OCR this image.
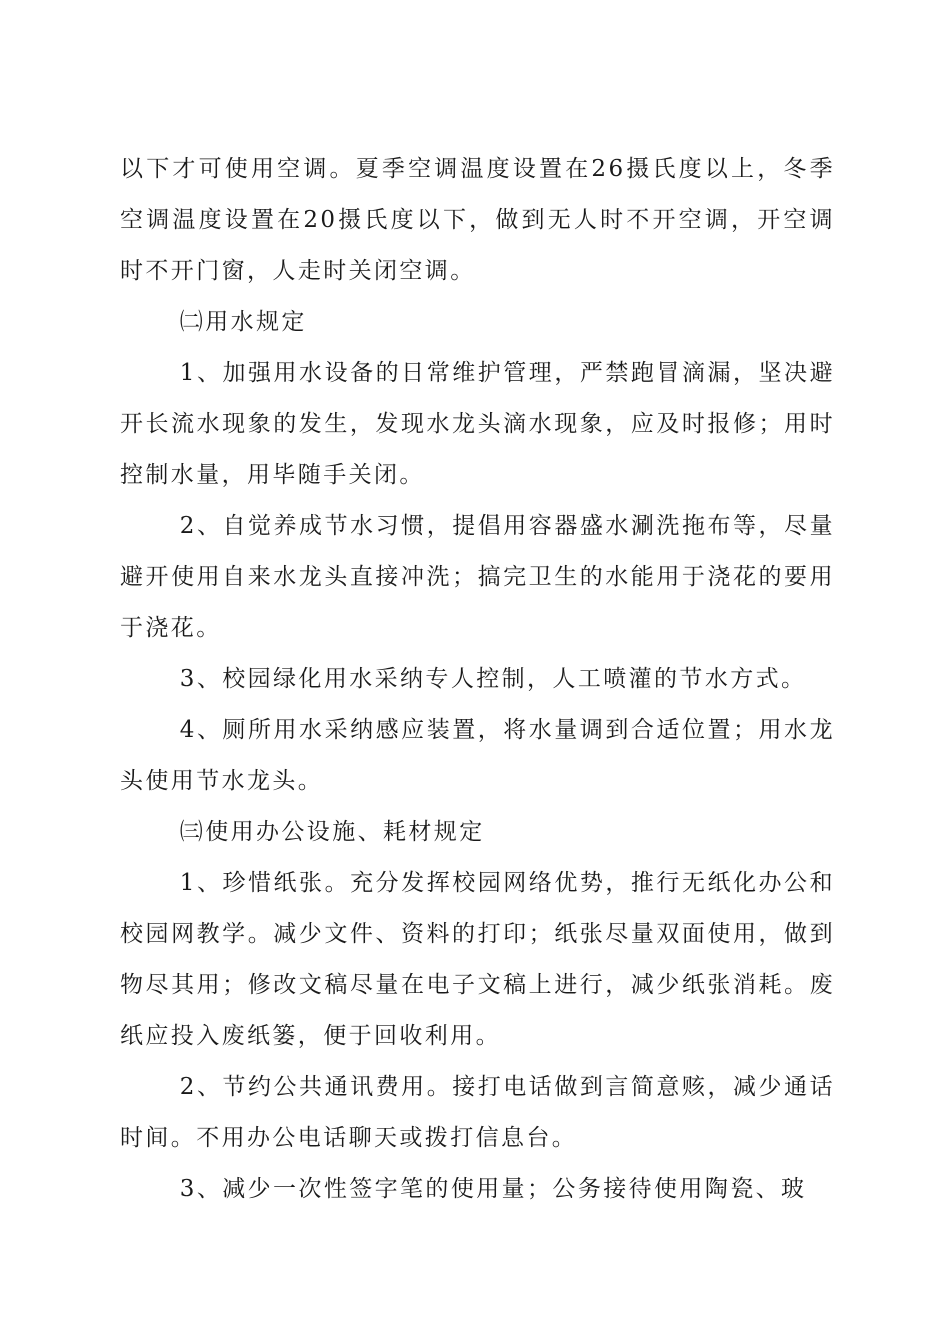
以下才可使用空调。夏季空调温度设置在26摄氏度以上，冬季空调温度设置在20摄氏度以下，做到无人时不开空调，开空调时不开门窗，人走时关闭空调。

㈡用水规定

1、加强用水设备的日常维护管理，严禁跑冒滴漏，坚决避开长流水现象的发生，发现水龙头滴水现象，应及时报修；用时控制水量，用毕随手关闭。

2、自觉养成节水习惯，提倡用容器盛水涮洗拖布等，尽量避开使用自来水龙头直接冲洗；搞完卫生的水能用于浇花的要用于浇花。

3、校园绿化用水采纳专人控制，人工喷灌的节水方式。

4、厕所用水采纳感应装置，将水量调到合适位置；用水龙头使用节水龙头。

㈢使用办公设施、耗材规定

1、珍惜纸张。充分发挥校园网络优势，推行无纸化办公和校园网教学。减少文件、资料的打印；纸张尽量双面使用，做到物尽其用；修改文稿尽量在电子文稿上进行，减少纸张消耗。废纸应投入废纸篓，便于回收利用。

2、节约公共通讯费用。接打电话做到言简意赅，减少通话时间。不用办公电话聊天或拨打信息台。

3、减少一次性签字笔的使用量；公务接待使用陶瓷、玻
